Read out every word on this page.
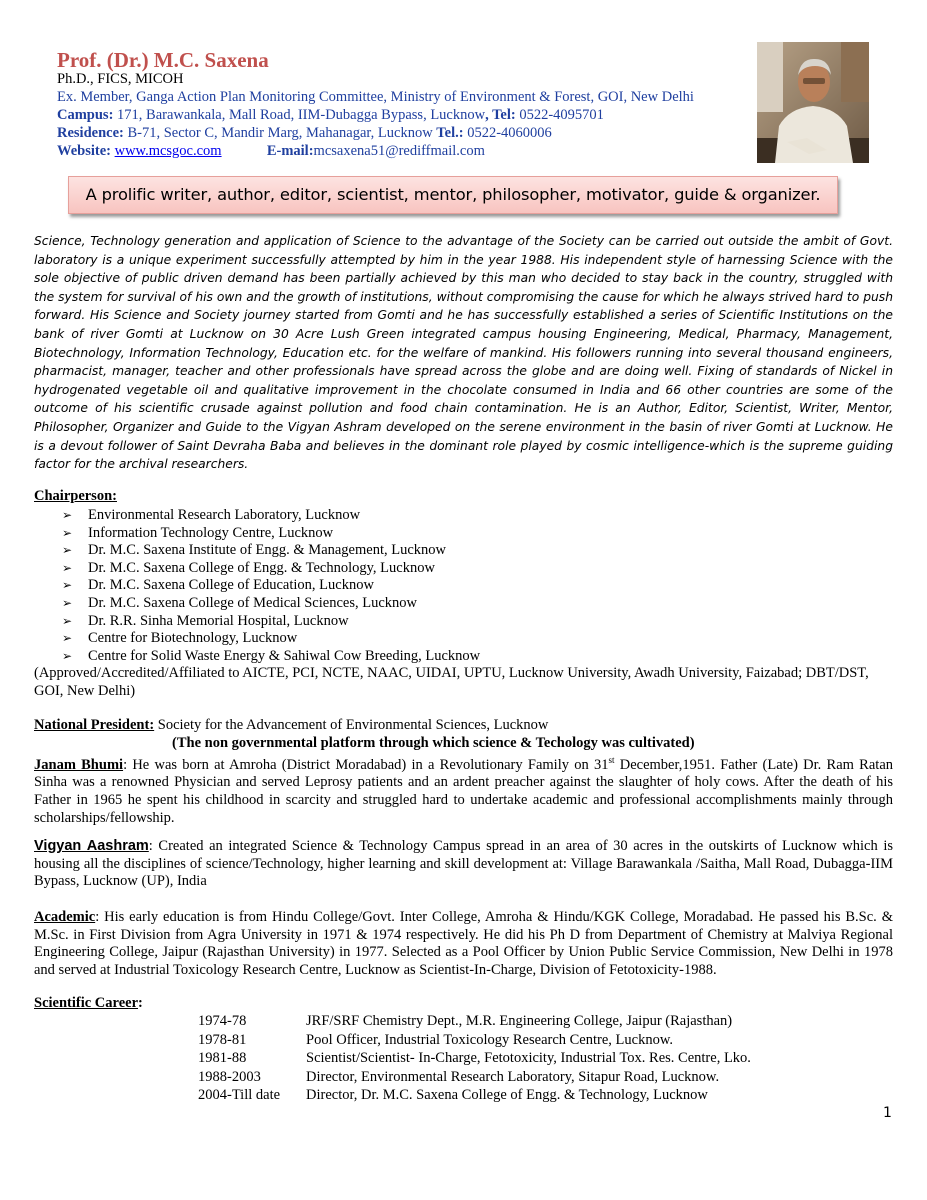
Prof. (Dr.) M.C. Saxena
Ph.D., FICS, MICOH
Ex. Member, Ganga Action Plan Monitoring Committee, Ministry of Environment & Forest, GOI, New Delhi
Campus: 171, Barawankala, Mall Road, IIM-Dubagga Bypass, Lucknow, Tel: 0522-4095701
Residence: B-71, Sector C, Mandir Marg, Mahanagar, Lucknow Tel.: 0522-4060006
Website: www.mcsgoc.com	E-mail:mcsaxena51@rediffmail.com
A prolific writer, author, editor, scientist, mentor, philosopher, motivator, guide & organizer.

Science, Technology generation and application of Science to the advantage of the Society can be carried out outside the ambit of Govt. laboratory is a unique experiment successfully attempted by him in the year 1988. His independent style of harnessing Science with the sole objective of public driven demand has been partially achieved by this man who decided to stay back in the country, struggled with the system for survival of his own and the growth of institutions, without compromising the cause for which he always strived hard to push forward. His Science and Society journey started from Gomti and he has successfully established a series of Scientific Institutions on the bank of river Gomti at Lucknow on 30 Acre Lush Green integrated campus housing Engineering, Medical, Pharmacy, Management, Biotechnology, Information Technology, Education etc. for the welfare of mankind. His followers running into several thousand engineers, pharmacist, manager, teacher and other professionals have spread across the globe and are doing well. Fixing of standards of Nickel in hydrogenated vegetable oil and qualitative improvement in the chocolate consumed in India and 66 other countries are some of the outcome of his scientific crusade against pollution and food chain contamination. He is an Author, Editor, Scientist, Writer, Mentor, Philosopher, Organizer and Guide to the Vigyan Ashram developed on the serene environment in the basin of river Gomti at Lucknow. He is a devout follower of Saint Devraha Baba and believes in the dominant role played by cosmic intelligence-which is the supreme guiding factor for the archival researchers.

Chairperson:
➢ Environmental Research Laboratory, Lucknow
➢ Information Technology Centre, Lucknow
➢ Dr. M.C. Saxena Institute of Engg. & Management, Lucknow
➢ Dr. M.C. Saxena College of Engg. & Technology, Lucknow
➢ Dr. M.C. Saxena College of Education, Lucknow
➢ Dr. M.C. Saxena College of Medical Sciences, Lucknow
➢ Dr. R.R. Sinha Memorial Hospital, Lucknow
➢ Centre for Biotechnology, Lucknow
➢ Centre for Solid Waste Energy & Sahiwal Cow Breeding, Lucknow
(Approved/Accredited/Affiliated to AICTE, PCI, NCTE, NAAC, UIDAI, UPTU, Lucknow University, Awadh University, Faizabad; DBT/DST, GOI, New Delhi)
National President: Society for the Advancement of Environmental Sciences, Lucknow
(The non governmental platform through which science & Techology was cultivated)
Janam Bhumi: He was born at Amroha (District Moradabad) in a Revolutionary Family on 31st December,1951. Father (Late) Dr. Ram Ratan Sinha was a renowned Physician and served Leprosy patients and an ardent preacher against the slaughter of holy cows. After the death of his Father in 1965 he spent his childhood in scarcity and struggled hard to undertake academic and professional accomplishments mainly through scholarships/fellowship.
Vigyan Aashram: Created an integrated Science & Technology Campus spread in an area of 30 acres in the outskirts of Lucknow which is housing all the disciplines of science/Technology, higher learning and skill development at: Village Barawankala /Saitha, Mall Road, Dubagga-IIM Bypass, Lucknow (UP), India
Academic: His early education is from Hindu College/Govt. Inter College, Amroha & Hindu/KGK College, Moradabad. He passed his B.Sc. & M.Sc. in First Division from Agra University in 1971 & 1974 respectively. He did his Ph D from Department of Chemistry at Malviya Regional Engineering College, Jaipur (Rajasthan University) in 1977. Selected as a Pool Officer by Union Public Service Commission, New Delhi in 1978 and served at Industrial Toxicology Research Centre, Lucknow as Scientist-In-Charge, Division of Fetotoxicity-1988.
Scientific Career:
1974-78	JRF/SRF Chemistry Dept., M.R. Engineering College, Jaipur (Rajasthan)
1978-81	Pool Officer, Industrial Toxicology Research Centre, Lucknow.
1981-88	Scientist/Scientist- In-Charge, Fetotoxicity, Industrial Tox. Res. Centre, Lko.
1988-2003	Director, Environmental Research Laboratory, Sitapur Road, Lucknow.
2004-Till date	Director, Dr. M.C. Saxena College of Engg. & Technology, Lucknow
1
